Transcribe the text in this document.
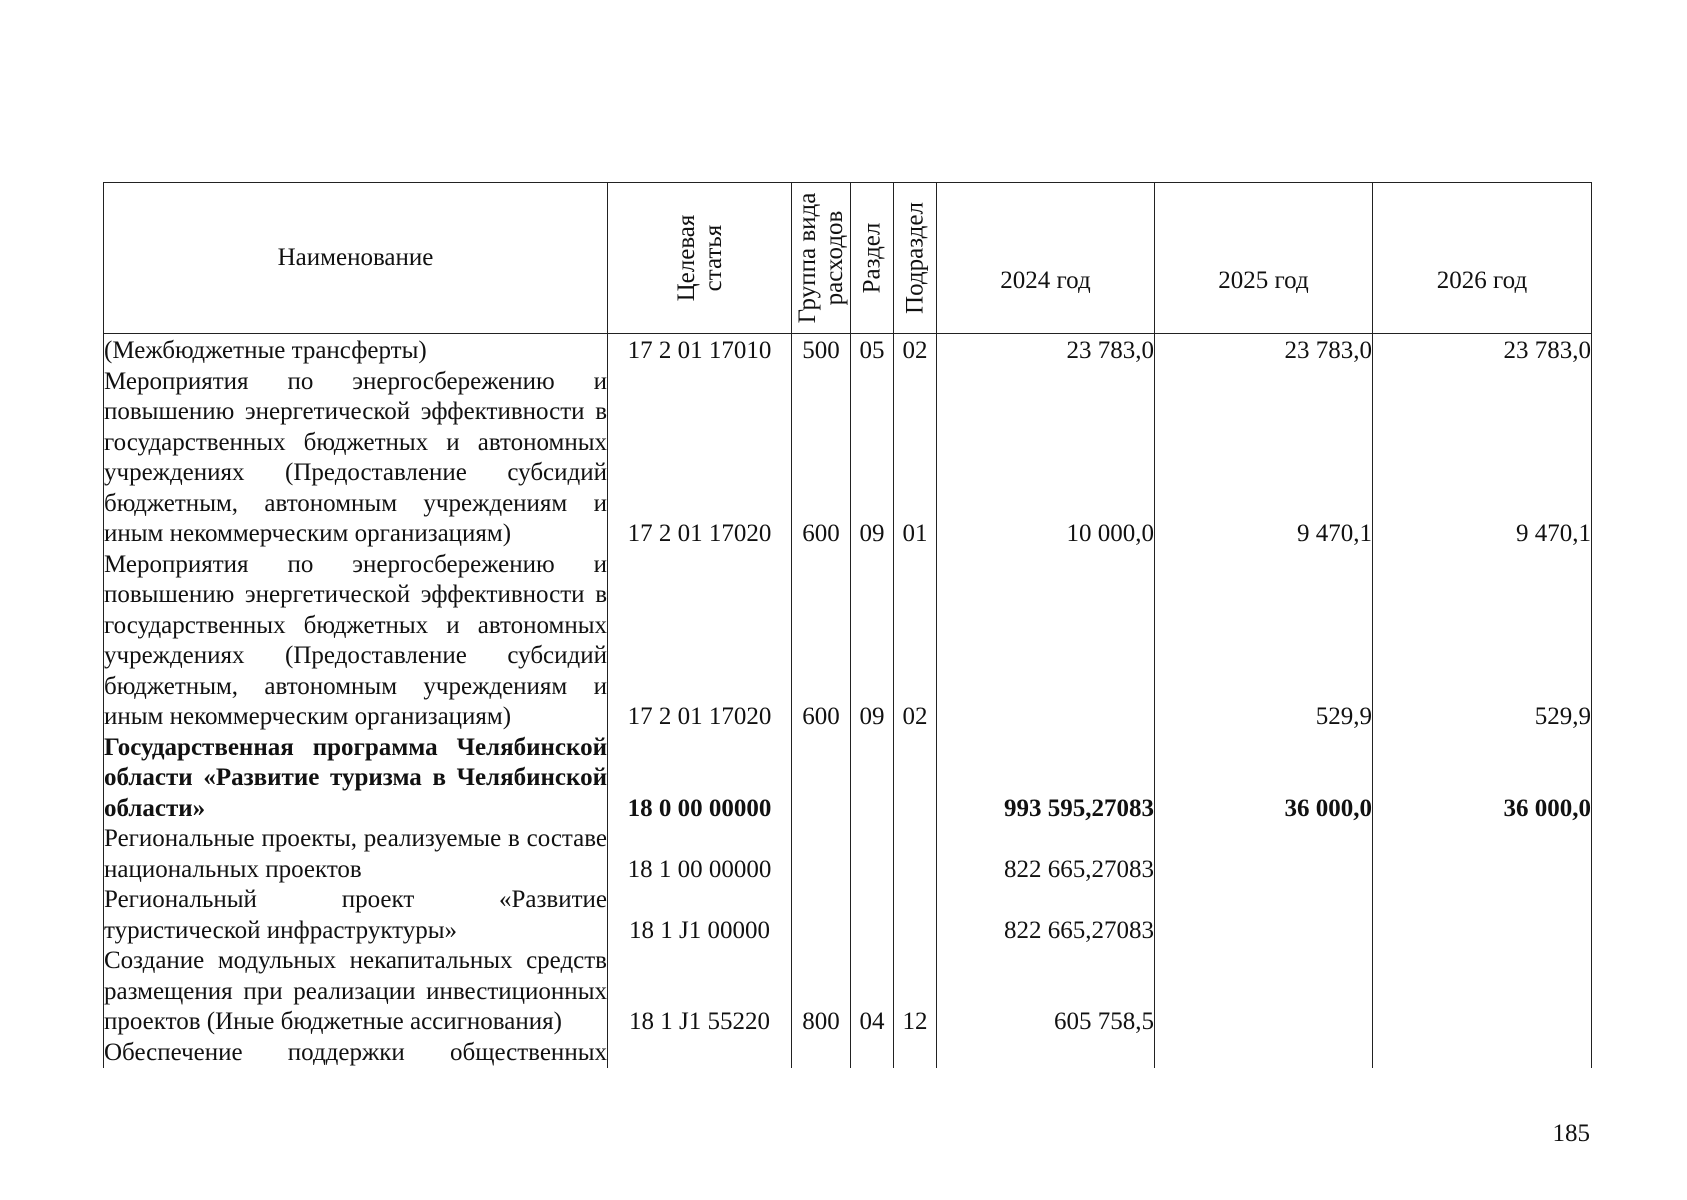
Наименование	Целевая статья	Группа вида расходов	Раздел	Подраздел	2024 год	2025 год	2026 год

(Межбюджетные трансферты)	17 2 01 17010	500	05	02	23 783,0	23 783,0	23 783,0
Мероприятия по энергосбережению и повышению энергетической эффективности в государственных бюджетных и автономных учреждениях (Предоставление субсидий бюджетным, автономным учреждениям и иным некоммерческим организациям)	17 2 01 17020	600	09	01	10 000,0	9 470,1	9 470,1
Мероприятия по энергосбережению и повышению энергетической эффективности в государственных бюджетных и автономных учреждениях (Предоставление субсидий бюджетным, автономным учреждениям и иным некоммерческим организациям)	17 2 01 17020	600	09	02		529,9	529,9
Государственная программа Челябинской области «Развитие туризма в Челябинской области»	18 0 00 00000				993 595,27083	36 000,0	36 000,0
Региональные проекты, реализуемые в составе национальных проектов	18 1 00 00000				822 665,27083		
Региональный проект «Развитие туристической инфраструктуры»	18 1 J1 00000				822 665,27083		
Создание модульных некапитальных средств размещения при реализации инвестиционных проектов (Иные бюджетные ассигнования)	18 1 J1 55220	800	04	12	605 758,5		
Обеспечение поддержки общественных							
185
